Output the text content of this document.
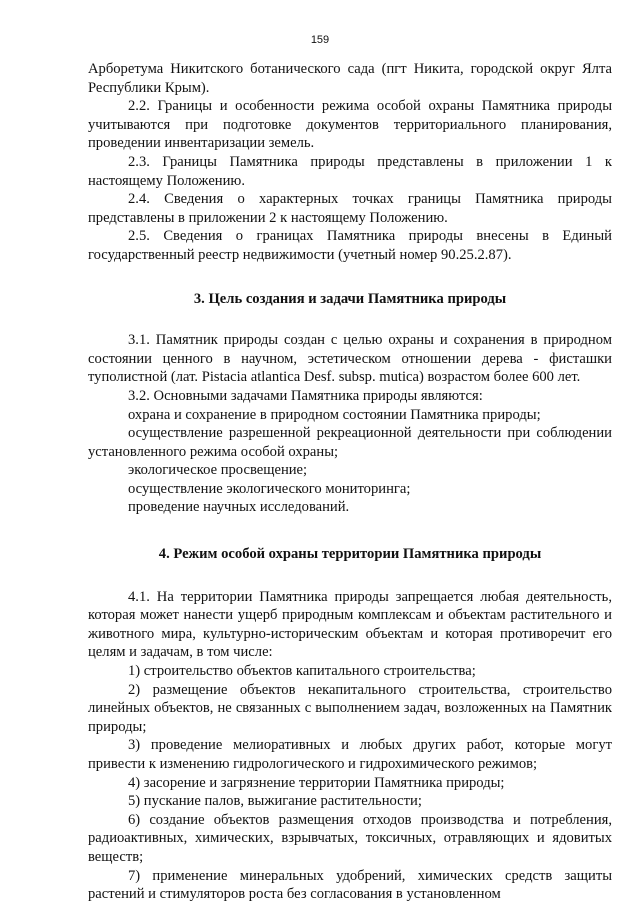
159

Арборетума Никитского ботанического сада (пгт Никита, городской округ Ялта Республики Крым).

2.2. Границы и особенности режима особой охраны Памятника природы учитываются при подготовке документов территориального планирования, проведении инвентаризации земель.

2.3. Границы Памятника природы представлены в приложении 1 к настоящему Положению.

2.4. Сведения о характерных точках границы Памятника природы представлены в приложении 2 к настоящему Положению.

2.5. Сведения о границах Памятника природы внесены в Единый государственный реестр недвижимости (учетный номер 90.25.2.87).

3. Цель создания и задачи Памятника природы

3.1. Памятник природы создан с целью охраны и сохранения в природном состоянии ценного в научном, эстетическом отношении дерева - фисташки туполистной (лат. Pistacia atlantica Desf. subsp. mutica) возрастом более 600 лет.

3.2. Основными задачами Памятника природы являются:

охрана и сохранение в природном состоянии Памятника природы;

осуществление разрешенной рекреационной деятельности при соблюдении установленного режима особой охраны;

экологическое просвещение;

осуществление экологического мониторинга;

проведение научных исследований.

4. Режим особой охраны территории Памятника природы

4.1. На территории Памятника природы запрещается любая деятельность, которая может нанести ущерб природным комплексам и объектам растительного и животного мира, культурно-историческим объектам и которая противоречит его целям и задачам, в том числе:

1) строительство объектов капитального строительства;

2) размещение объектов некапитального строительства, строительство линейных объектов, не связанных с выполнением задач, возложенных на Памятник природы;

3) проведение мелиоративных и любых других работ, которые могут привести к изменению гидрологического и гидрохимического режимов;

4) засорение и загрязнение территории Памятника природы;

5) пускание палов, выжигание растительности;

6) создание объектов размещения отходов производства и потребления, радиоактивных, химических, взрывчатых, токсичных, отравляющих и ядовитых веществ;

7) применение минеральных удобрений, химических средств защиты растений и стимуляторов роста без согласования в установленном
